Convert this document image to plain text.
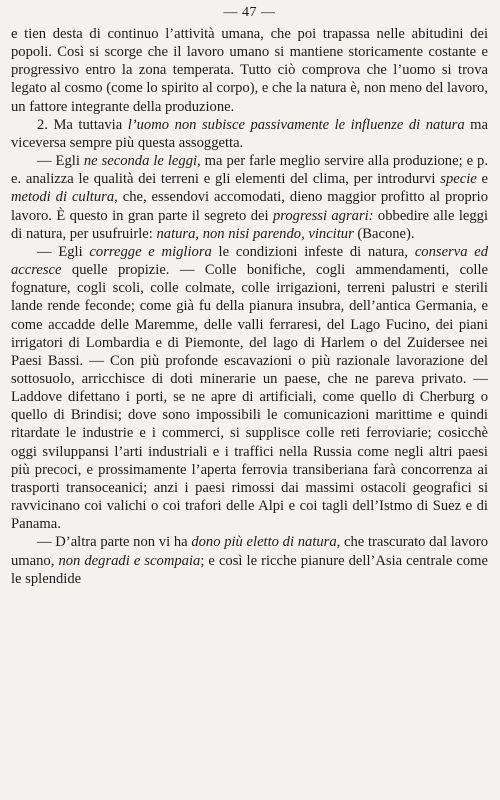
— 47 —

e tien desta di continuo l’attività umana, che poi trapassa nelle abitudini dei popoli. Così si scorge che il lavoro umano si mantiene storicamente costante e progressivo entro la zona temperata. Tutto ciò comprova che l’uomo si trova legato al cosmo (come lo spirito al corpo), e che la natura è, non meno del lavoro, un fattore integrante della produzione.

2. Ma tuttavia l’uomo non subisce passivamente le influenze di natura ma viceversa sempre più questa assoggetta.

— Egli ne seconda le leggi, ma per farle meglio servire alla produzione; e p. e. analizza le qualità dei terreni e gli elementi del clima, per introdurvi specie e metodi di cultura, che, essendovi accomodati, dieno maggior profitto al proprio lavoro. È questo in gran parte il segreto dei progressi agrari: obbedire alle leggi di natura, per usufruirle: natura, non nisi parendo, vincitur (Bacone).

— Egli corregge e migliora le condizioni infeste di natura, conserva ed accresce quelle propizie. — Colle bonifiche, cogli ammendamenti, colle fognature, cogli scoli, colle colmate, colle irrigazioni, terreni palustri e sterili lande rende feconde; come già fu della pianura insubra, dell’antica Germania, e come accadde delle Maremme, delle valli ferraresi, del Lago Fucino, dei piani irrigatori di Lombardia e di Piemonte, del lago di Harlem o del Zuidersee nei Paesi Bassi. — Con più profonde escavazioni o più razionale lavorazione del sottosuolo, arricchisce di doti minerarie un paese, che ne pareva privato. — Laddove difettano i porti, se ne apre di artificiali, come quello di Cherburg o quello di Brindisi; dove sono impossibili le comunicazioni marittime e quindi ritardate le industrie e i commerci, si supplisce colle reti ferroviarie; cosicchè oggi sviluppansi l’arti industriali e i traffici nella Russia come negli altri paesi più precoci, e prossimamente l’aperta ferrovia transiberiana farà concorrenza ai trasporti transoceanici; anzi i paesi rimossi dai massimi ostacoli geografici si ravvicinano coi valichi o coi trafori delle Alpi e coi tagli dell’Istmo di Suez e di Panama.

— D’altra parte non vi ha dono più eletto di natura, che trascurato dal lavoro umano, non degradi e scompaia; e così le ricche pianure dell’Asia centrale come le splendide
